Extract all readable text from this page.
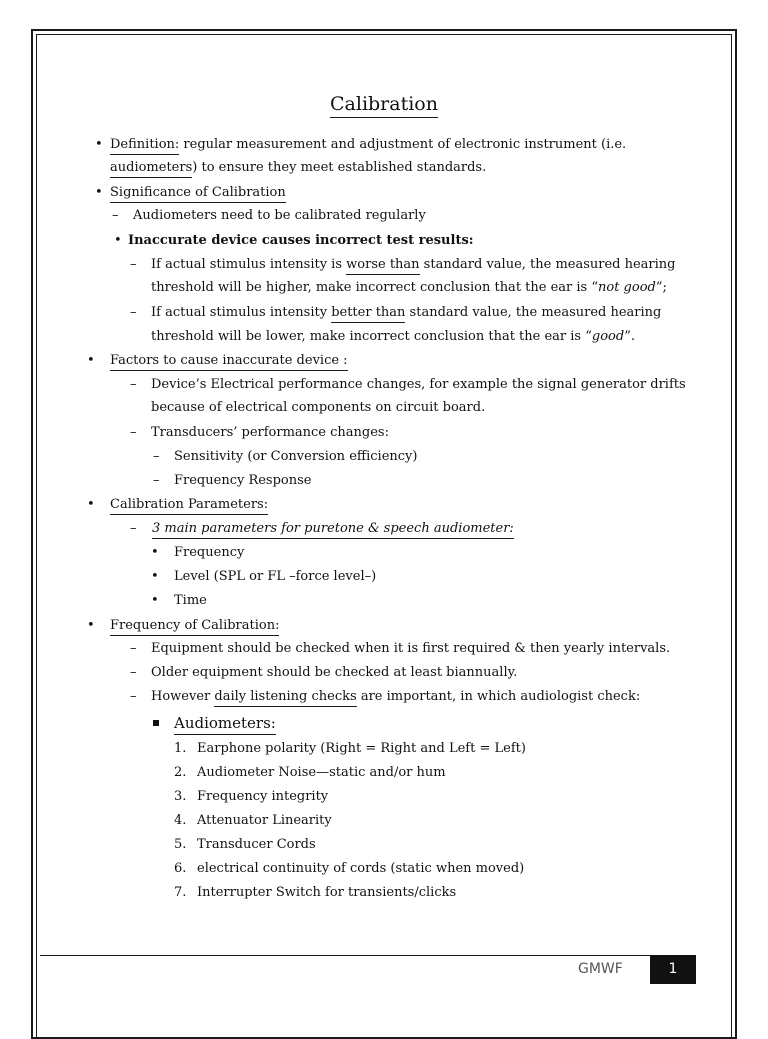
Calibration
• Definition: regular measurement and adjustment of electronic instrument (i.e.
audiometers) to ensure they meet established standards.
• Significance of Calibration
– Audiometers need to be calibrated regularly
• Inaccurate device causes incorrect test results:
– If actual stimulus intensity is worse than standard value, the measured hearing
threshold will be higher, make incorrect conclusion that the ear is “not good”;
– If actual stimulus intensity better than standard value, the measured hearing
threshold will be lower, make incorrect conclusion that the ear is “good”.
• Factors to cause inaccurate device :
– Device’s Electrical performance changes, for example the signal generator drifts
because of electrical components on circuit board.
– Transducers’ performance changes:
– Sensitivity (or Conversion efficiency)
– Frequency Response
• Calibration Parameters:
– 3 main parameters for puretone & speech audiometer:
• Frequency
• Level (SPL or FL –force level–)
• Time
• Frequency of Calibration:
– Equipment should be checked when it is first required & then yearly intervals.
– Older equipment should be checked at least biannually.
– However daily listening checks are important, in which audiologist check:
Audiometers:
1. Earphone polarity (Right = Right and Left = Left)
2. Audiometer Noise—static and/or hum
3. Frequency integrity
4. Attenuator Linearity
5. Transducer Cords
6. electrical continuity of cords (static when moved)
7. Interrupter Switch for transients/clicks
GMWF	1
